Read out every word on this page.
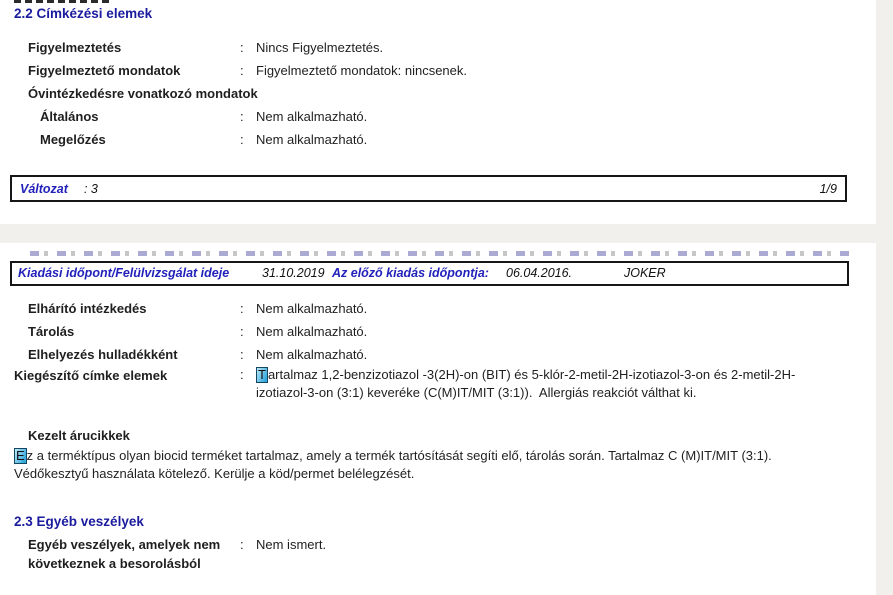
2.2 Címkézési elemek
Figyelmeztetés	: Nincs Figyelmeztetés.
Figyelmeztető mondatok	: Figyelmeztető mondatok: nincsenek.
Óvintézkedésre vonatkozó mondatok
Általános	: Nem alkalmazható.
Megelőzés	: Nem alkalmazható.
Változat : 3	1/9
Kiadási időpont/Felülvizsgálat ideje	31.10.2019 Az előző kiadás időpontja: 06.04.2016.	JOKER
Elhárító intézkedés	: Nem alkalmazható.
Tárolás	: Nem alkalmazható.
Elhelyezés hulladékként	: Nem alkalmazható.
Kiegészítő címke elemek	:	T artalmaz 1,2-benzizotiazol -3(2H)-on (BIT) és 5-klór-2-metil-2H-izotiazol-3-on és 2-metil-2H-izotiazol-3-on (3:1) keveréke (C(M)IT/MIT (3:1)).  Allergiás reakciót válthat ki.
Kezelt árucikkek
E z a terméktípus olyan biocid terméket tartalmaz, amely a termék tartósítását segíti elő, tárolás során. Tartalmaz C (M)IT/MIT (3:1).   Védőkesztyű használata kötelező. Kerülje a köd/permet belélegzését.
2.3 Egyéb veszélyek
Egyéb veszélyek, amelyek nem következnek a besorolásból
: Nem ismert.
